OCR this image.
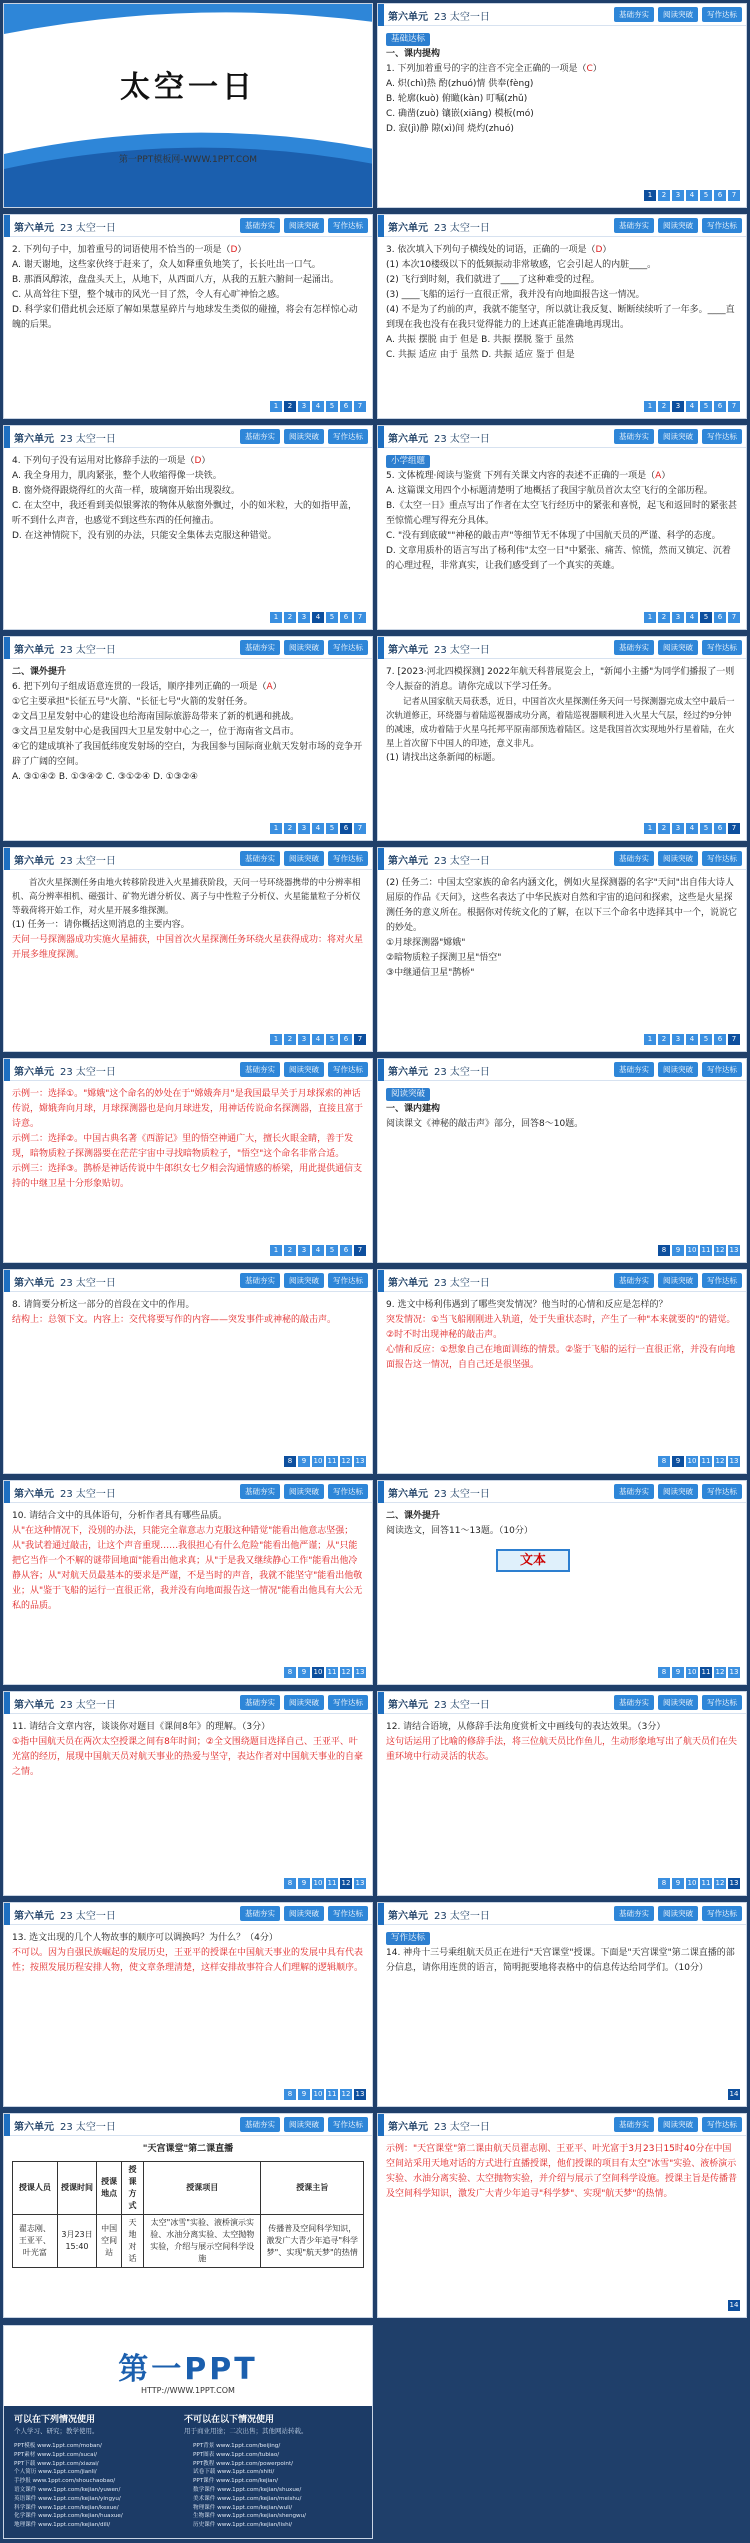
太空一日
第一PPT模板网-WWW.1PPT.COM
第六单元 23 太空一日	基础夯实	阅读突破	写作达标
基础达标

一、课内提构
1. 下列加着重号的字的注音不完全正确的一项是（C）
A. 炽(chì)热 酌(zhuó)情 供奉(fèng)
B. 轮廓(kuò) 俯瞰(kàn) 叮嘱(zhǔ)
C. 确凿(zuò) 镶嵌(xiāng) 模板(mó)
D. 寂(jì)静 隙(xì)间 烧灼(zhuó)
1	2	3	4	5	6	7
第六单元 23 太空一日	基础夯实	阅读突破	写作达标
2. 下列句子中，加着重号的词语使用不恰当的一项是（D）
A. 谢天谢地，这些家伙终于赶来了，众人如释重负地笑了，长长吐出一口气。
B. 那酒风醇浓，盘盘头天上，从地下，从西面八方，从我的五脏六腑间一起涌出。
C. 从高耸往下望，整个城市的风光一目了然，令人有心旷神怡之感。
D. 科学家们借此机会还原了解如果慧星碎片与地球发生类似的碰撞，将会有怎样惊心动魄的后果。
1	2	3	4	5	6	7
第六单元 23 太空一日	基础夯实	阅读突破	写作达标
3. 依次填入下列句子横线处的词语，正确的一项是（D）
(1) 本次10楼级以下的低频振动非常敏感，它会引起人的内脏____。
(2) 飞行到时刻，我们就进了____了这种难受的过程。
(3) ____飞船的运行一直很正常，我并没有向地面报告这一情况。
(4) 不是为了约前的声，我就不能坚守，所以就让我反复、断断续续听了一年多。____直到现在我也没有在我只觉得能力的上述真正能准确地再现出。
A. 共振 摆脱 由于 但是 B. 共振 摆脱 鉴于 虽然
C. 共振 适应 由于 虽然 D. 共振 适应 鉴于 但是
1	2	3	4	5	6	7
第六单元 23 太空一日	基础夯实	阅读突破	写作达标
4. 下列句子没有运用对比修辞手法的一项是（D）
A. 我全身用力，肌肉紧张，整个人收缩得像一块铁。
B. 窗外烧得跟烧得红的火苗一样，玻璃窗开始出现裂纹。
C. 在太空中，我还看到美似银雾浓的物体从舷窗外飘过，小的如米粒，大的如指甲盖，听不到什么声音，也感觉不到这些东西的任何撞击。
D. 在这神情院下，没有别的办法，只能安全集体去克服这种错觉。
1	2	3	4	5	6	7
第六单元 23 太空一日	基础夯实	阅读突破	写作达标
小学组题

5. 文体梳理·阅读与鉴赏 下列有关课文内容的表述不正确的一项是（A）
A. 这篇课文用四个小标题清楚明了地概括了我国宇航员首次太空飞行的全部历程。
B.《太空一日》重点写出了作者在太空飞行经历中的紧张和喜悦，起飞和返回时的紧张甚至惊慌心理写得充分具体。
C. "没有到底破""神秘的敲击声"等细节无不体现了中国航天员的严谨、科学的态度。
D. 文章用质朴的语言写出了杨利伟"太空一日"中紧张、痛苦、惊慌，然而又镇定、沉着的心理过程，非常真实，让我们感受到了一个真实的英雄。
1	2	3	4	5	6	7
第六单元 23 太空一日	基础夯实	阅读突破	写作达标
二、课外提升
6. 把下列句子组成语意连贯的一段话，顺序排列正确的一项是（A）
①它主要承担"长征五号"火箭、"长征七号"火箭的发射任务。
②文昌卫星发射中心的建设也给海南国际旅游岛带来了新的机遇和挑战。
③文昌卫星发射中心是我国四大卫星发射中心之一，位于海南省文昌市。
④它的建成填补了我国低纬度发射场的空白，为我国参与国际商业航天发射市场的竞争开辟了广阔的空间。
A. ③①④② B. ①③④② C. ③①②④ D. ①③②④
1	2	3	4	5	6	7
第六单元 23 太空一日	基础夯实	阅读突破	写作达标
7. [2023·河北四模探测] 2022年航天科普展览会上，"新闻小主播"为同学们播报了一则令人振奋的消息。请你完成以下学习任务。
记者从国家航天局获悉，近日，中国首次火星探测任务天问一号探测器完成太空中最后一次轨道修正，环绕器与着陆巡视器成功分离，着陆巡视器顺利进入火星大气层，经过约9分钟的减速，成功着陆于火星乌托邦平原南部预选着陆区。这是我国首次实现地外行星着陆，在火星上首次留下中国人的印迹，意义非凡。
(1) 请找出这条新闻的标题。
1	2	3	4	5	6	7
第六单元 23 太空一日	基础夯实	阅读突破	写作达标
首次火星探测任务由地火转移阶段进入火星捕获阶段，天问一号环绕器携带的中分辨率相机、高分辨率相机、磁强计、矿物光谱分析仪、离子与中性粒子分析仪、火星能量粒子分析仪等载荷将开始工作，对火星开展多维探测。
(1) 任务一：请你概括这则消息的主要内容。
天问一号探测器成功实施火星捕获，中国首次火星探测任务环绕火星获得成功：将对火星开展多维度探测。
1	2	3	4	5	6	7
第六单元 23 太空一日	基础夯实	阅读突破	写作达标
(2) 任务二：中国太空家族的命名内涵文化，例如火星探测器的名字"天问"出自伟大诗人屈原的作品《天问》，这些名表达了中华民族对自然和宇宙的追问和探索，这些是火星探测任务的意义所在。根据你对传统文化的了解，在以下三个命名中选择其中一个，说说它的妙处。
①月球探测器"嫦娥"
②暗物质粒子探测卫星"悟空"
③中继通信卫星"鹊桥"
1	2	3	4	5	6	7
第六单元 23 太空一日	基础夯实	阅读突破	写作达标
示例一：选择①。"嫦娥"这个命名的妙处在于"嫦娥奔月"是我国最早关于月球探索的神话传说，嫦娥奔向月球，月球探测器也是向月球进发，用神话传说命名探测器，直接且富于诗意。
示例二：选择②。中国古典名著《西游记》里的悟空神通广大，擅长火眼金睛，善于发现，暗物质粒子探测器要在茫茫宇宙中寻找暗物质粒子，"悟空"这个命名非常合适。
示例三：选择③。鹊桥是神话传说中牛郎织女七夕相会沟通情感的桥梁，用此提供通信支持的中继卫星十分形象贴切。
1	2	3	4	5	6	7
第六单元 23 太空一日	基础夯实	阅读突破	写作达标
阅读突破

一、课内建构
阅读课文《神秘的敲击声》部分，回答8～10题。
8	9	10 11 12 13
第六单元 23 太空一日	基础夯实	阅读突破	写作达标
8. 请简要分析这一部分的首段在文中的作用。
结构上：总领下文。内容上：交代将要写作的内容——突发事件或神秘的敲击声。
8	9	10 11 12 13
第六单元 23 太空一日	基础夯实	阅读突破	写作达标
9. 选文中杨利伟遇到了哪些突发情况？他当时的心情和反应是怎样的？
突发情况：①当飞船刚刚进入轨道，处于失重状态时，产生了一种"本来就要的"的错觉。②时不时出现神秘的敲击声。
心情和反应：①想象自己在地面训练的情景。②鉴于飞船的运行一直很正常，并没有向地面报告这一情况，自自己还是很坚强。
8	9	10 11 12 13
第六单元 23 太空一日	基础夯实	阅读突破	写作达标
10. 请结合文中的具体语句，分析作者具有哪些品质。
从"在这种情况下，没别的办法，只能完全靠意志力克服这种错觉"能看出他意志坚强；从"我试着通过敲击，让这个声音重现……我很担心有什么危险"能看出他严谨；从"只能把它当作一个不解的谜带回地面"能看出他求真；从"于是我又继续静心工作"能看出他冷静从容；从"对航天员最基本的要求是严谨，不是当时的声音，我就不能坚守"能看出他敬业；从"鉴于飞船的运行一直很正常，我并没有向地面报告这一情况"能看出他具有大公无私的品质。
8	9	10 11 12 13
第六单元 23 太空一日	基础夯实	阅读突破	写作达标
二、课外提升
阅读选文，回答11～13题。（10分）
文本
8	9	10 11 12 13
第六单元 23 太空一日	基础夯实	阅读突破	写作达标
11. 请结合文章内容，谈谈你对题目《课间8年》的理解。（3分）
①指中国航天员在两次太空授课之间有8年时间；②全文围绕题目选择自己、王亚平、叶光富的经历，展现中国航天员对航天事业的热爱与坚守，表达作者对中国航天事业的自豪之情。
8	9	10 11 12 13
第六单元 23 太空一日	基础夯实	阅读突破	写作达标
12. 请结合语境，从修辞手法角度赏析文中画线句的表达效果。（3分）
这句话运用了比喻的修辞手法，将三位航天员比作鱼儿，生动形象地写出了航天员们在失重环境中行动灵活的状态。
8	9	10 11 12 13
第六单元 23 太空一日	基础夯实	阅读突破	写作达标
13. 选文出现的几个人物故事的顺序可以调换吗？为什么？（4分）
不可以。因为自强民族崛起的发展历史，王亚平的授课在中国航天事业的发展中具有代表性；按照发展历程安排人物，使文章条理清楚，这样安排故事符合人们理解的逻辑顺序。
8	9	10 11 12 13
第六单元 23 太空一日	基础夯实	阅读突破	写作达标
写作达标

14. 神舟十三号乘组航天员正在进行"天宫课堂"授课。下面是"天宫课堂"第二课直播的部分信息，请你用连贯的语言，简明扼要地将表格中的信息传达给同学们。（10分）
14
第六单元 23 太空一日	基础夯实	阅读突破	写作达标
"天宫课堂"第二课直播
授课人员	授课时间	授课地点	授课方式	授课项目	授课主旨
翟志刚、王亚平、叶光富	3月23日15:40	中国空间站	天地对话	太空"冰雪"实验、液桥演示实验、水油分离实验、太空抛物实验，介绍与展示空间科学设施	传播普及空间科学知识，激发广大青少年追寻"科学梦"、实现"航天梦"的热情
第六单元 23 太空一日	基础夯实	阅读突破	写作达标
示例："天宫课堂"第二课由航天员翟志刚、王亚平、叶光富于3月23日15时40分在中国空间站采用天地对话的方式进行直播授课，他们授课的项目有太空"冰雪"实验、液桥演示实验、水油分离实验、太空抛物实验，并介绍与展示了空间科学设施。授课主旨是传播普及空间科学知识，激发广大青少年追寻"科学梦"、实现"航天梦"的热情。
14
第一PPT
HTTP://WWW.1PPT.COM
可以在下列情况使用	不可以在以下情况使用
个人学习、研究；教学使用。	用于商业用途；二次出售；其他网站转载。
PPT模板 www.1ppt.com/moban/	PPT背景 www.1ppt.com/beijing/
PPT素材 www.1ppt.com/sucai/	PPT图表 www.1ppt.com/tubiao/
PPT下载 www.1ppt.com/xiazai/	PPT教程 www.1ppt.com/powerpoint/
个人简历 www.1ppt.com/jianli/	试卷下载 www.1ppt.com/shiti/
手抄报 www.1ppt.com/shouchaobao/	PPT课件 www.1ppt.com/kejian/
语文课件 www.1ppt.com/kejian/yuwen/	数学课件 www.1ppt.com/kejian/shuxue/
英语课件 www.1ppt.com/kejian/yingyu/	美术课件 www.1ppt.com/kejian/meishu/
科学课件 www.1ppt.com/kejian/kexue/	物理课件 www.1ppt.com/kejian/wuli/
化学课件 www.1ppt.com/kejian/huaxue/	生物课件 www.1ppt.com/kejian/shengwu/
地理课件 www.1ppt.com/kejian/dili/	历史课件 www.1ppt.com/kejian/lishi/
